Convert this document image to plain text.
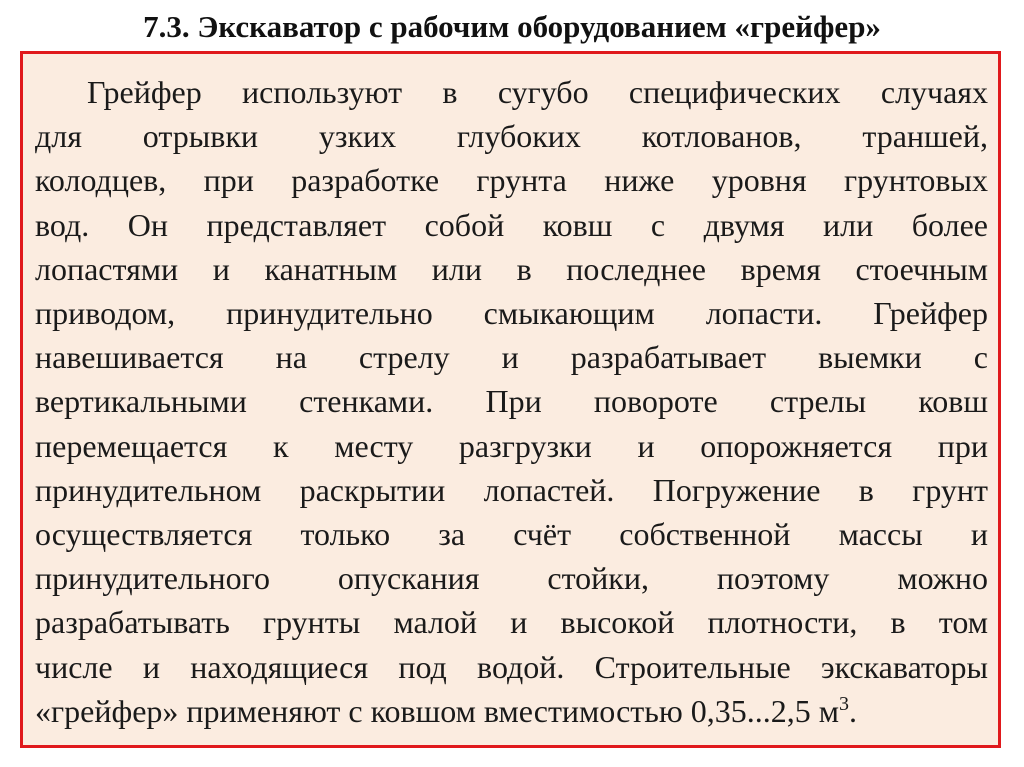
7.3. Экскаватор с рабочим оборудованием «грейфер»
Грейфер используют в сугубо специфических случаях
для отрывки узких глубоких котлованов, траншей,
колодцев, при разработке грунта ниже уровня грунтовых
вод. Он представляет собой ковш с двумя или более
лопастями и канатным или в последнее время стоечным
приводом, принудительно смыкающим лопасти. Грейфер
навешивается на стрелу и разрабатывает выемки с
вертикальными стенками. При повороте стрелы ковш
перемещается к месту разгрузки и опорожняется при
принудительном раскрытии лопастей. Погружение в грунт
осуществляется только за счёт собственной массы и
принудительного опускания стойки, поэтому можно
разрабатывать грунты малой и высокой плотности, в том
числе и находящиеся под водой. Строительные экскаваторы
«грейфер» применяют с ковшом вместимостью 0,35...2,5 $м^3$.
